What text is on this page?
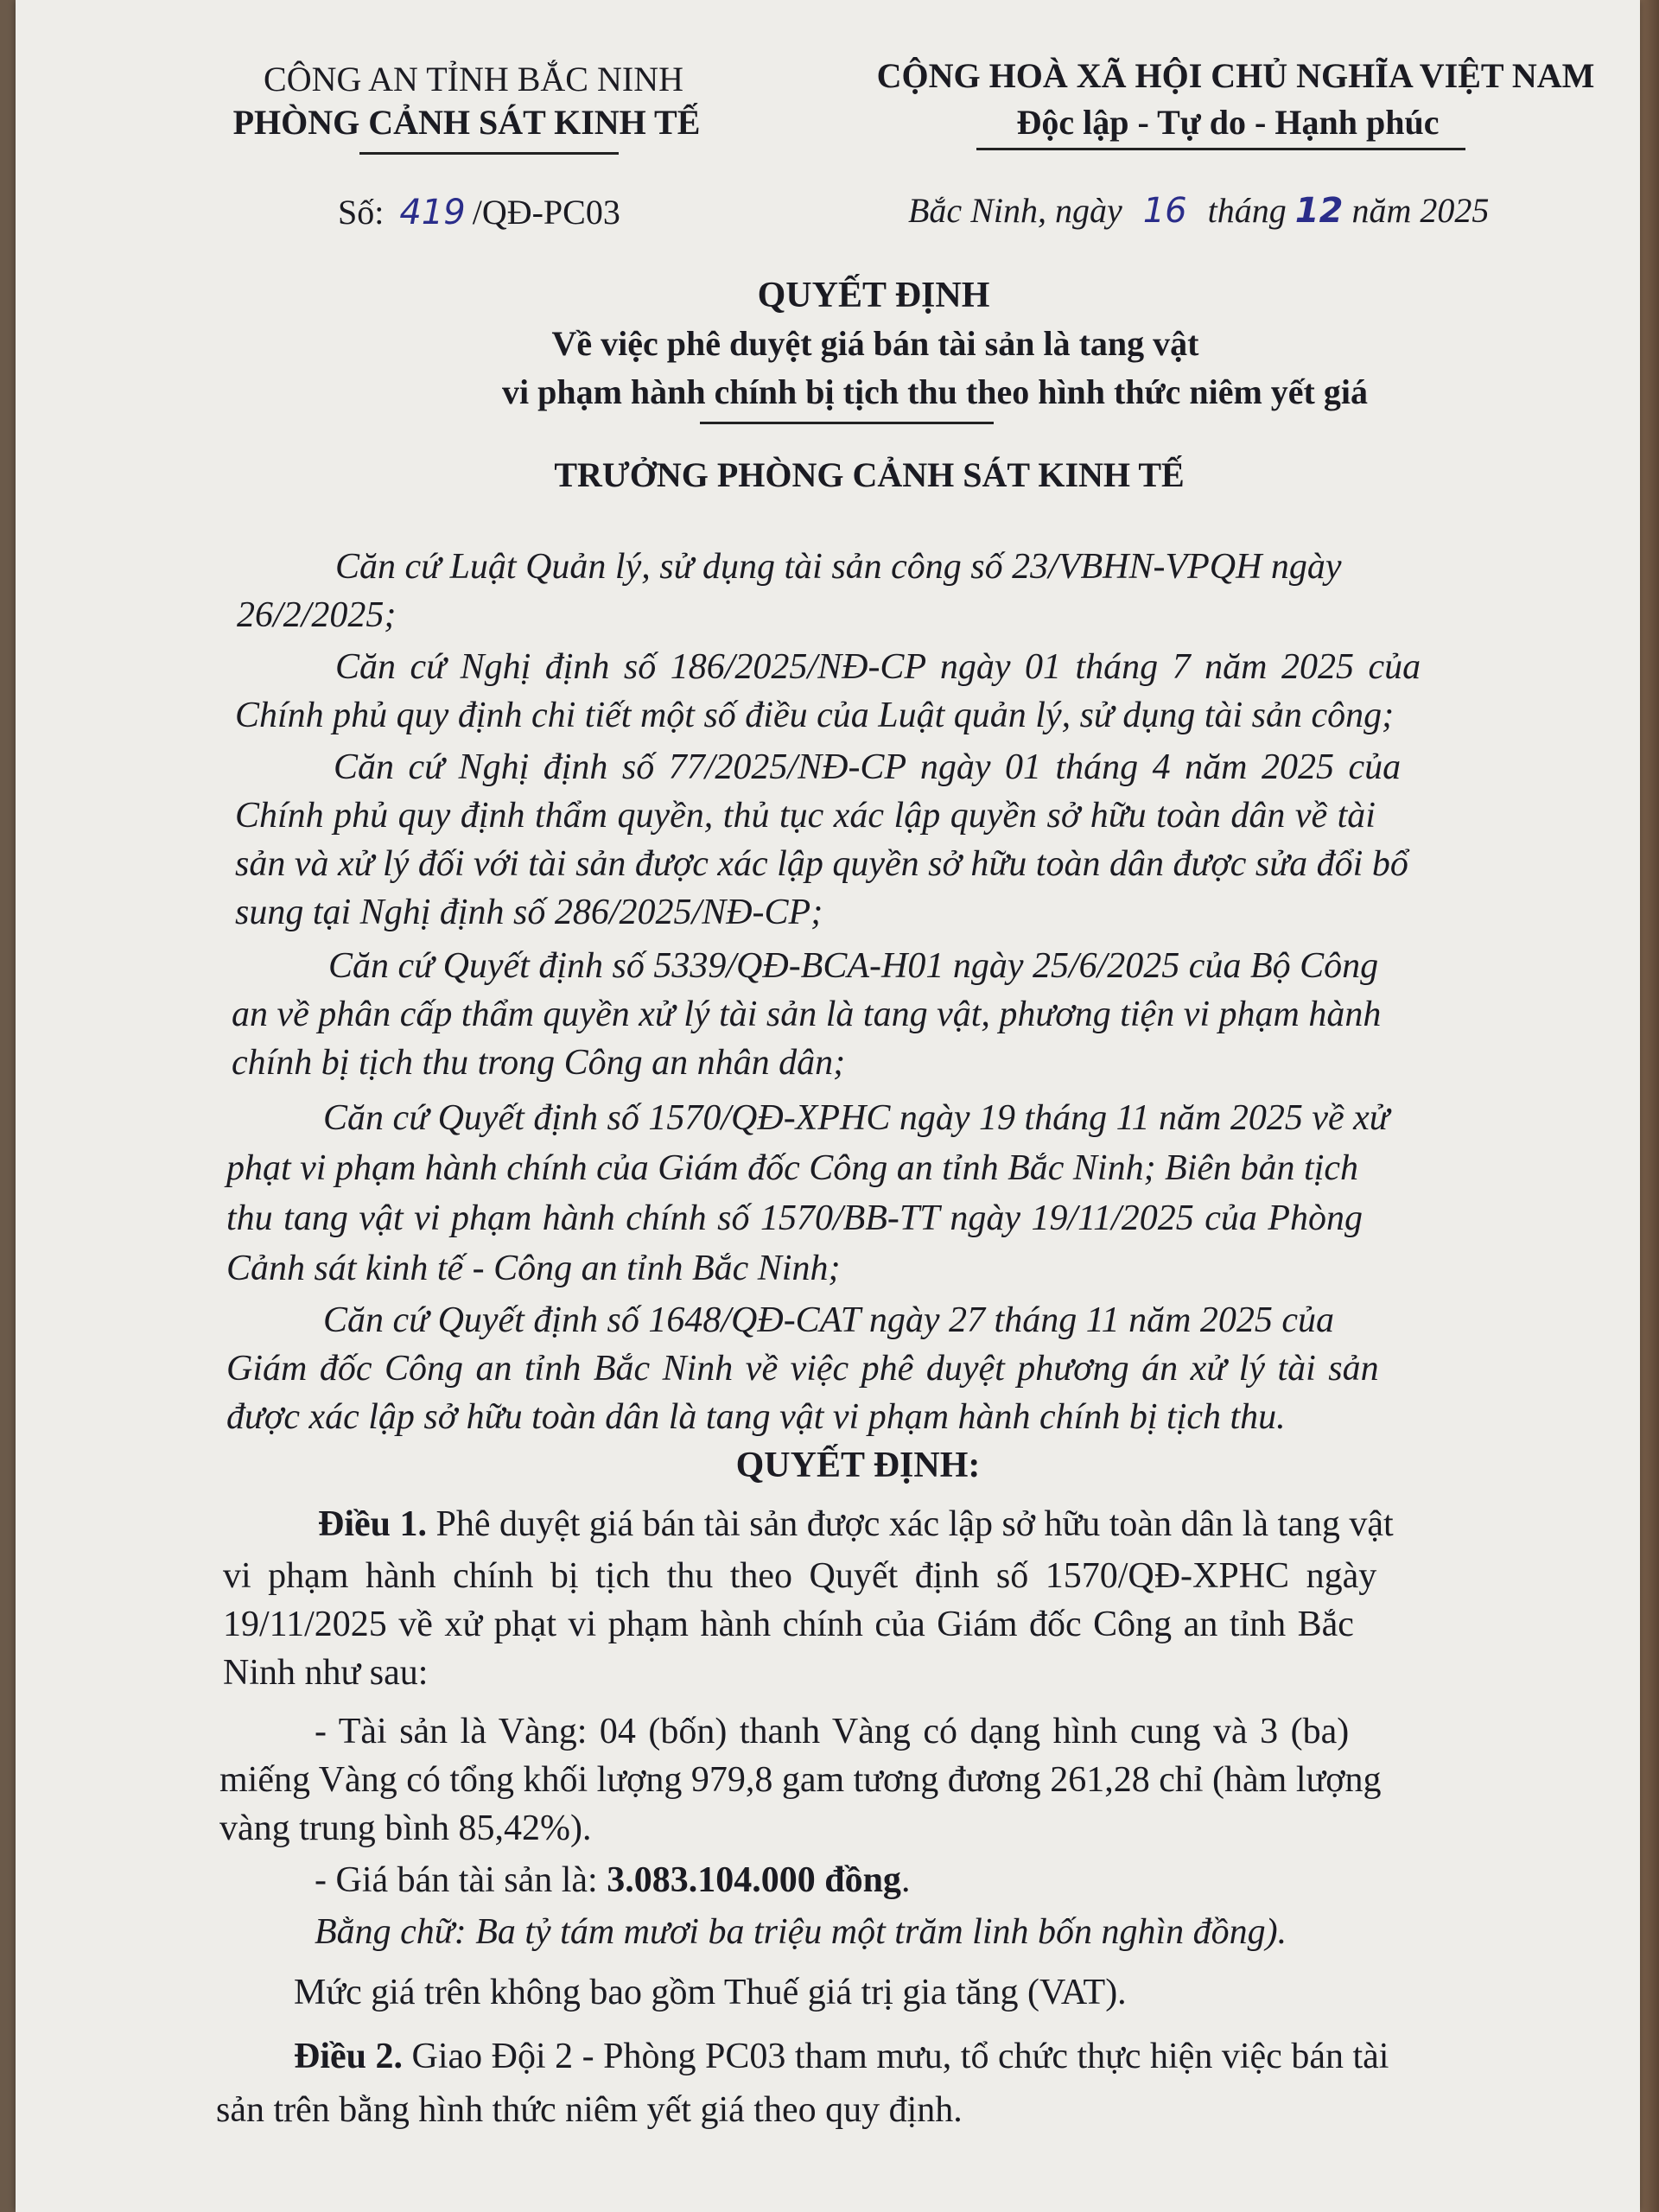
CÔNG AN TỈNH BẮC NINH
PHÒNG CẢNH SÁT KINH TẾ
CỘNG HOÀ XÃ HỘI CHỦ NGHĨA VIỆT NAM
Độc lập - Tự do - Hạnh phúc
Số: 419 /QĐ-PC03	Bắc Ninh, ngày 16 tháng 12 năm 2025
QUYẾT ĐỊNH
Về việc phê duyệt giá bán tài sản là tang vật
vi phạm hành chính bị tịch thu theo hình thức niêm yết giá
TRƯỞNG PHÒNG CẢNH SÁT KINH TẾ
Căn cứ Luật Quản lý, sử dụng tài sản công số 23/VBHN-VPQH ngày
26/2/2025;
Căn cứ Nghị định số 186/2025/NĐ-CP ngày 01 tháng 7 năm 2025 của
Chính phủ quy định chi tiết một số điều của Luật quản lý, sử dụng tài sản công;
Căn cứ Nghị định số 77/2025/NĐ-CP ngày 01 tháng 4 năm 2025 của
Chính phủ quy định thẩm quyền, thủ tục xác lập quyền sở hữu toàn dân về tài
sản và xử lý đối với tài sản được xác lập quyền sở hữu toàn dân được sửa đổi bổ
sung tại Nghị định số 286/2025/NĐ-CP;
Căn cứ Quyết định số 5339/QĐ-BCA-H01 ngày 25/6/2025 của Bộ Công
an về phân cấp thẩm quyền xử lý tài sản là tang vật, phương tiện vi phạm hành
chính bị tịch thu trong Công an nhân dân;
Căn cứ Quyết định số 1570/QĐ-XPHC ngày 19 tháng 11 năm 2025 về xử
phạt vi phạm hành chính của Giám đốc Công an tỉnh Bắc Ninh; Biên bản tịch
thu tang vật vi phạm hành chính số 1570/BB-TT ngày 19/11/2025 của Phòng
Cảnh sát kinh tế - Công an tỉnh Bắc Ninh;
Căn cứ Quyết định số 1648/QĐ-CAT ngày 27 tháng 11 năm 2025 của
Giám đốc Công an tỉnh Bắc Ninh về việc phê duyệt phương án xử lý tài sản
được xác lập sở hữu toàn dân là tang vật vi phạm hành chính bị tịch thu.
QUYẾT ĐỊNH:
Điều 1. Phê duyệt giá bán tài sản được xác lập sở hữu toàn dân là tang vật
vi phạm hành chính bị tịch thu theo Quyết định số 1570/QĐ-XPHC ngày
19/11/2025 về xử phạt vi phạm hành chính của Giám đốc Công an tỉnh Bắc
Ninh như sau:
- Tài sản là Vàng: 04 (bốn) thanh Vàng có dạng hình cung và 3 (ba)
miếng Vàng có tổng khối lượng 979,8 gam tương đương 261,28 chỉ (hàm lượng
vàng trung bình 85,42%).
- Giá bán tài sản là: 3.083.104.000 đồng.
Bằng chữ: Ba tỷ tám mươi ba triệu một trăm linh bốn nghìn đồng).
Mức giá trên không bao gồm Thuế giá trị gia tăng (VAT).
Điều 2. Giao Đội 2 - Phòng PC03 tham mưu, tổ chức thực hiện việc bán tài
sản trên bằng hình thức niêm yết giá theo quy định.
